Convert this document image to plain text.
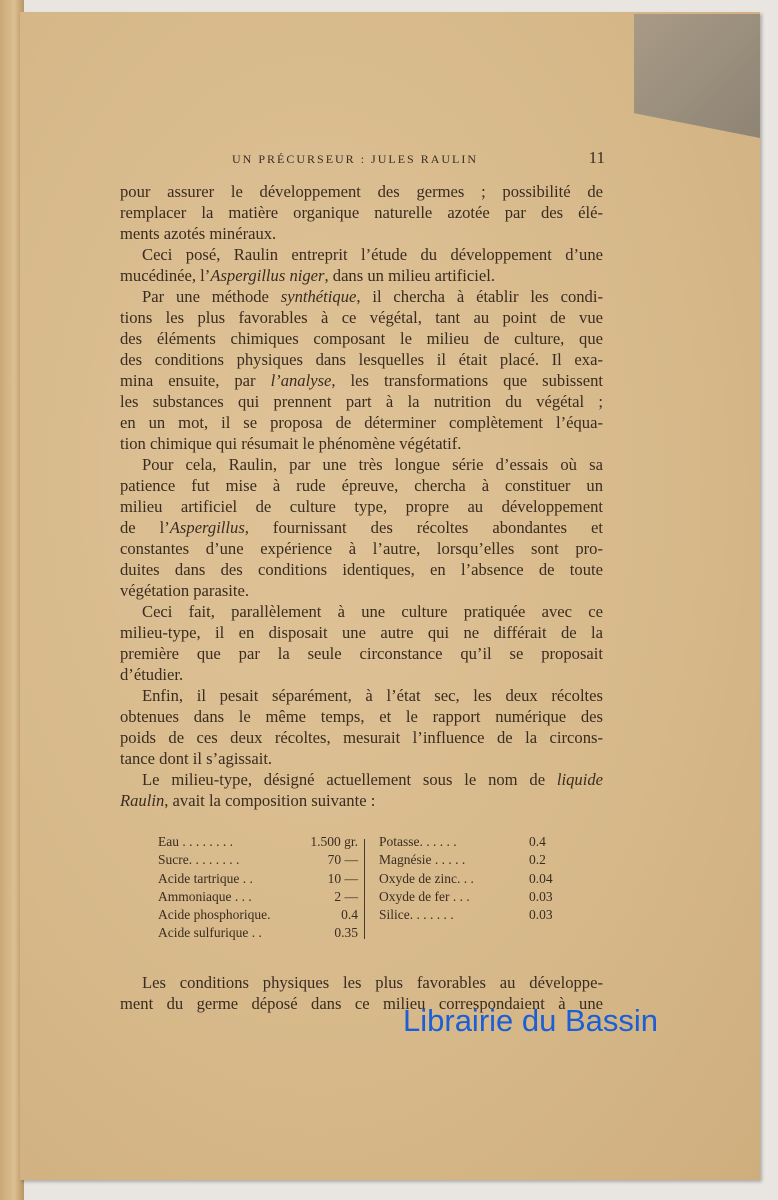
UN PRÉCURSEUR : JULES RAULIN	11
pour assurer le développement des germes ; possibilité de
remplacer la matière organique naturelle azotée par des élé-
ments azotés minéraux.
Ceci posé, Raulin entreprit l’étude du développement d’une
mucédinée, l’Aspergillus niger, dans un milieu artificiel.
Par une méthode synthétique, il chercha à établir les condi-
tions les plus favorables à ce végétal, tant au point de vue
des éléments chimiques composant le milieu de culture, que
des conditions physiques dans lesquelles il était placé. Il exa-
mina ensuite, par l’analyse, les transformations que subissent
les substances qui prennent part à la nutrition du végétal ;
en un mot, il se proposa de déterminer complètement l’équa-
tion chimique qui résumait le phénomène végétatif.
Pour cela, Raulin, par une très longue série d’essais où sa
patience fut mise à rude épreuve, chercha à constituer un
milieu artificiel de culture type, propre au développement
de l’Aspergillus, fournissant des récoltes abondantes et
constantes d’une expérience à l’autre, lorsqu’elles sont pro-
duites dans des conditions identiques, en l’absence de toute
végétation parasite.
Ceci fait, parallèlement à une culture pratiquée avec ce
milieu-type, il en disposait une autre qui ne différait de la
première que par la seule circonstance qu’il se proposait
d’étudier.
Enfin, il pesait séparément, à l’état sec, les deux récoltes
obtenues dans le même temps, et le rapport numérique des
poids de ces deux récoltes, mesurait l’influence de la circons-
tance dont il s’agissait.
Le milieu-type, désigné actuellement sous le nom de liquide
Raulin, avait la composition suivante :
Eau . . . . . . . .	1.500 gr.
Sucre. . . . . . . .	70 —
Acide tartrique . .	10 —
Ammoniaque . . .	2 —
Acide phosphorique.	0.4
Acide sulfurique . .	0.35
Potasse. . . . . .	0.4
Magnésie . . . . .	0.2
Oxyde de zinc. . .	0.04
Oxyde de fer . . .	0.03
Silice. . . . . . .	0.03
Les conditions physiques les plus favorables au développe-
ment du germe déposé dans ce milieu correspondaient à une
Librairie du Bassin
